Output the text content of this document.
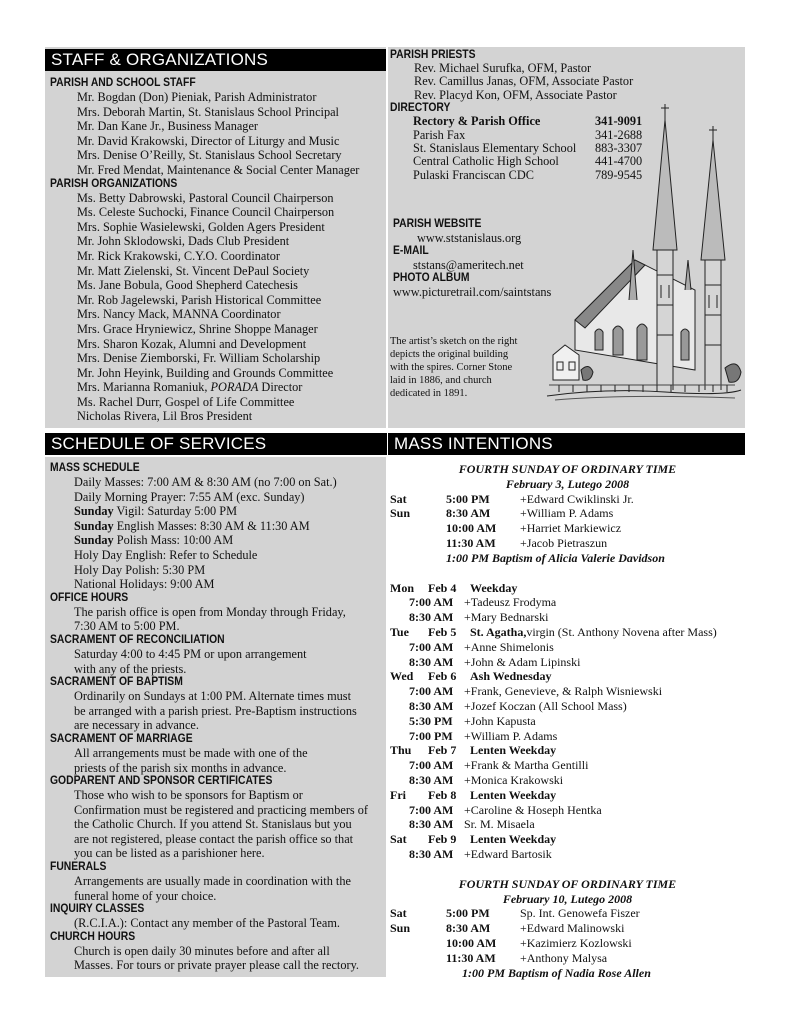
STAFF & ORGANIZATIONS
PARISH AND SCHOOL STAFF
Mr. Bogdan (Don) Pieniak, Parish Administrator
Mrs. Deborah Martin, St. Stanislaus School Principal
Mr. Dan Kane Jr., Business Manager
Mr. David Krakowski, Director of Liturgy and Music
Mrs. Denise O’Reilly, St. Stanislaus School Secretary
Mr. Fred Mendat, Maintenance & Social Center Manager
PARISH ORGANIZATIONS
Ms. Betty Dabrowski, Pastoral Council Chairperson
Ms. Celeste Suchocki, Finance Council Chairperson
Mrs. Sophie Wasielewski, Golden Agers President
Mr. John Sklodowski, Dads Club President
Mr. Rick Krakowski, C.Y.O. Coordinator
Mr. Matt Zielenski, St. Vincent DePaul Society
Ms. Jane Bobula, Good Shepherd Catechesis
Mr. Rob Jagelewski, Parish Historical Committee
Mrs. Nancy Mack, MANNA Coordinator
Mrs. Grace Hryniewicz, Shrine Shoppe Manager
Mrs. Sharon Kozak, Alumni and Development
Mrs. Denise Ziemborski, Fr. William Scholarship
Mr. John Heyink, Building and Grounds Committee
Mrs. Marianna Romaniuk, PORADA Director
Ms. Rachel Durr, Gospel of Life Committee
Nicholas Rivera, Lil Bros President
PARISH PRIESTS
Rev. Michael Surufka, OFM, Pastor
Rev. Camillus Janas, OFM, Associate Pastor
Rev. Placyd Kon, OFM, Associate Pastor
DIRECTORY
Rectory & Parish Office	341-9091
Parish Fax	341-2688
St. Stanislaus Elementary School	883-3307
Central Catholic High School	441-4700
Pulaski Franciscan CDC	789-9545
PARISH WEBSITE
www.ststanislaus.org
E-MAIL
ststans@ameritech.net
PHOTO ALBUM
www.picturetrail.com/saintstans
The artist’s sketch on the right
depicts the original building
with the spires. Corner Stone
laid in 1886, and church
dedicated in 1891.
SCHEDULE OF SERVICES	MASS INTENTIONS
MASS SCHEDULE
Daily Masses: 7:00 AM & 8:30 AM (no 7:00 on Sat.)
Daily Morning Prayer: 7:55 AM (exc. Sunday)
Sunday Vigil: Saturday 5:00 PM
Sunday English Masses: 8:30 AM & 11:30 AM
Sunday Polish Mass: 10:00 AM
Holy Day English: Refer to Schedule
Holy Day Polish: 5:30 PM
National Holidays: 9:00 AM
OFFICE HOURS
The parish office is open from Monday through Friday,
7:30 AM to 5:00 PM.
SACRAMENT OF RECONCILIATION
Saturday 4:00 to 4:45 PM or upon arrangement
with any of the priests.
SACRAMENT OF BAPTISM
Ordinarily on Sundays at 1:00 PM. Alternate times must
be arranged with a parish priest. Pre-Baptism instructions
are necessary in advance.
SACRAMENT OF MARRIAGE
All arrangements must be made with one of the
priests of the parish six months in advance.
GODPARENT AND SPONSOR CERTIFICATES
Those who wish to be sponsors for Baptism or
Confirmation must be registered and practicing members of
the Catholic Church. If you attend St. Stanislaus but you
are not registered, please contact the parish office so that
you can be listed as a parishioner here.
FUNERALS
Arrangements are usually made in coordination with the
funeral home of your choice.
INQUIRY CLASSES
(R.C.I.A.): Contact any member of the Pastoral Team.
CHURCH HOURS
Church is open daily 30 minutes before and after all
Masses. For tours or private prayer please call the rectory.
FOURTH SUNDAY OF ORDINARY TIME
February 3, Lutego 2008
Sat	5:00 PM	+Edward Cwiklinski Jr.
Sun	8:30 AM +William P. Adams
10:00 AM +Harriet Markiewicz
11:30 AM +Jacob Pietraszun
1:00 PM Baptism of Alicia Valerie Davidson
Mon Feb 4 Weekday
7:00 AM +Tadeusz Frodyma
8:30 AM +Mary Bednarski
Tue Feb 5 St. Agatha, virgin (St. Anthony Novena after Mass)
7:00 AM +Anne Shimelonis
8:30 AM +John & Adam Lipinski
Wed Feb 6 Ash Wednesday
7:00 AM +Frank, Genevieve, & Ralph Wisniewski
8:30 AM +Jozef Koczan (All School Mass)
5:30 PM +John Kapusta
7:00 PM +William P. Adams
Thu Feb 7 Lenten Weekday
7:00 AM +Frank & Martha Gentilli
8:30 AM +Monica Krakowski
Fri Feb 8 Lenten Weekday
7:00 AM +Caroline & Hoseph Hentka
8:30 AM Sr. M. Misaela
Sat Feb 9 Lenten Weekday
8:30 AM +Edward Bartosik
FOURTH SUNDAY OF ORDINARY TIME
February 10, Lutego 2008
Sat	5:00 PM	Sp. Int. Genowefa Fiszer
Sun	8:30 AM +Edward Malinowski
10:00 AM +Kazimierz Kozlowski
11:30 AM +Anthony Malysa
1:00 PM Baptism of Nadia Rose Allen
